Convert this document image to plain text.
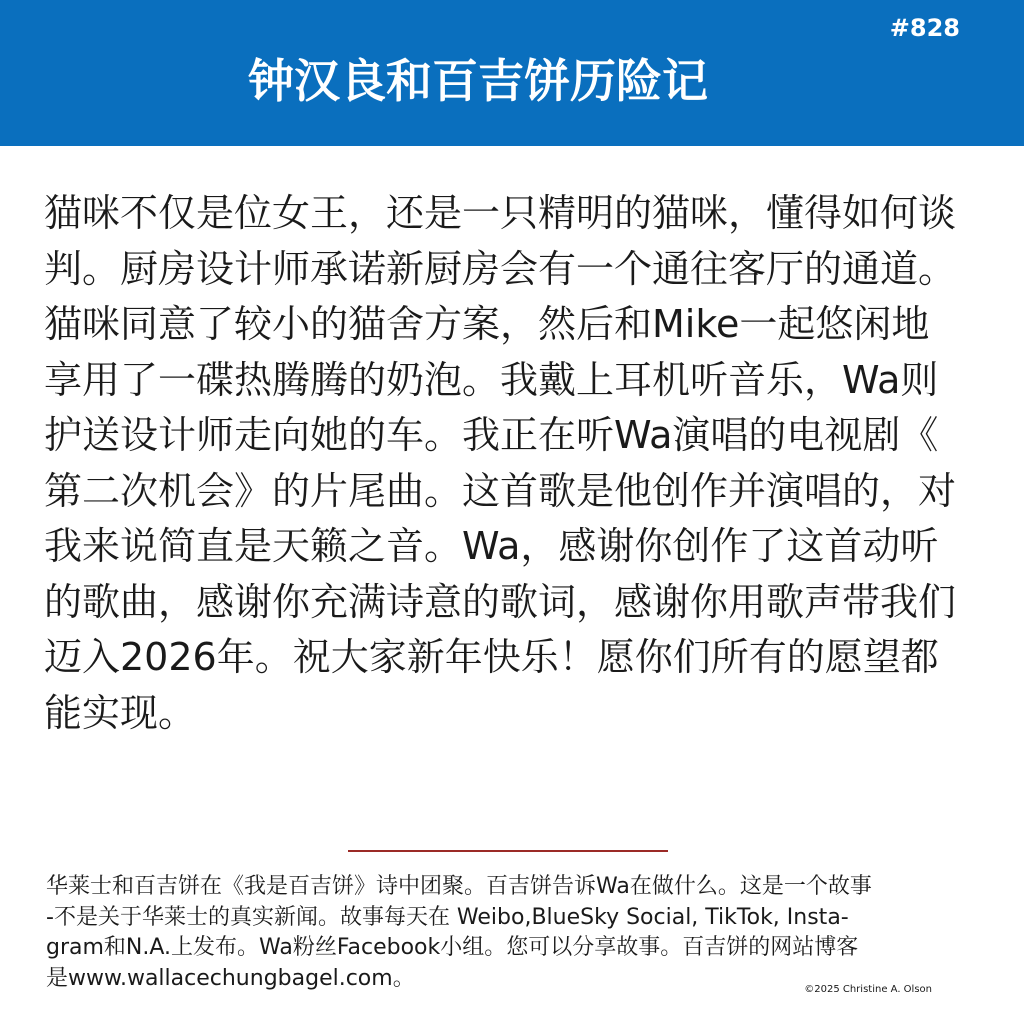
#828
钟汉良和百吉饼历险记
猫咪不仅是位女王，还是一只精明的猫咪，懂得如何谈
判。厨房设计师承诺新厨房会有一个通往客厅的通道。
猫咪同意了较小的猫舍方案，然后和Mike一起悠闲地
享用了一碟热腾腾的奶泡。我戴上耳机听音乐，Wa则
护送设计师走向她的车。我正在听Wa演唱的电视剧《
第二次机会》的片尾曲。这首歌是他创作并演唱的，对
我来说简直是天籁之音。Wa，感谢你创作了这首动听
的歌曲，感谢你充满诗意的歌词，感谢你用歌声带我们
迈入2026年。祝大家新年快乐！愿你们所有的愿望都
能实现。
华莱士和百吉饼在《我是百吉饼》诗中团聚。百吉饼告诉Wa在做什么。这是一个故事
-不是关于华莱士的真实新闻。故事每天在 Weibo,BlueSky Social, TikTok, Insta-
gram和N.A.上发布。Wa粉丝Facebook小组。您可以分享故事。百吉饼的网站博客
是www.wallacechungbagel.com。	©2025 Christine A. Olson
